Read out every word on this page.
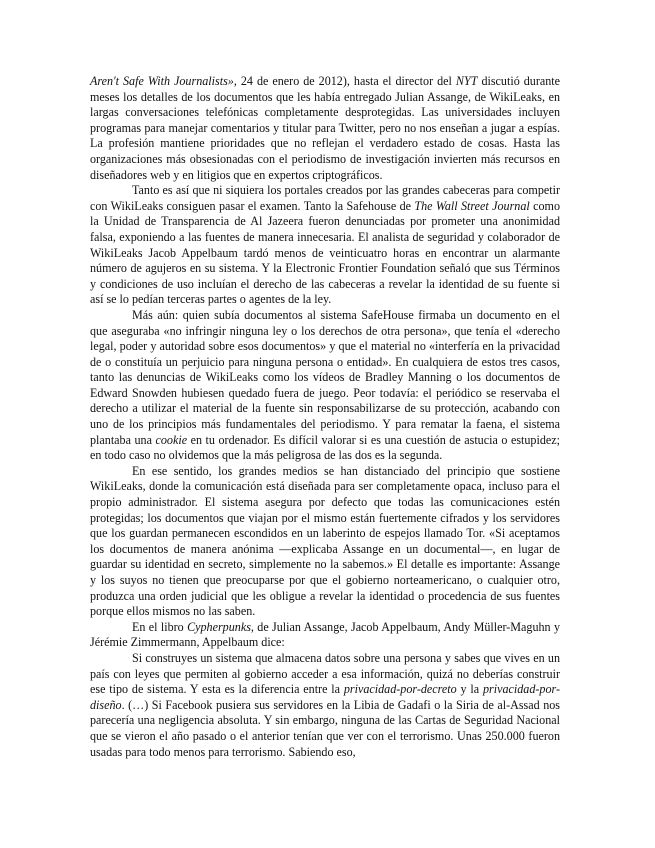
Aren't Safe With Journalists», 24 de enero de 2012), hasta el director del NYT discutió durante meses los detalles de los documentos que les había entregado Julian Assange, de WikiLeaks, en largas conversaciones telefónicas completamente desprotegidas. Las universidades incluyen programas para manejar comentarios y titular para Twitter, pero no nos enseñan a jugar a espías. La profesión mantiene prioridades que no reflejan el verdadero estado de cosas. Hasta las organizaciones más obsesionadas con el periodismo de investigación invierten más recursos en diseñadores web y en litigios que en expertos criptográficos.

Tanto es así que ni siquiera los portales creados por las grandes cabeceras para competir con WikiLeaks consiguen pasar el examen. Tanto la Safehouse de The Wall Street Journal como la Unidad de Transparencia de Al Jazeera fueron denunciadas por prometer una anonimidad falsa, exponiendo a las fuentes de manera innecesaria. El analista de seguridad y colaborador de WikiLeaks Jacob Appelbaum tardó menos de veinticuatro horas en encontrar un alarmante número de agujeros en su sistema. Y la Electronic Frontier Foundation señaló que sus Términos y condiciones de uso incluían el derecho de las cabeceras a revelar la identidad de su fuente si así se lo pedían terceras partes o agentes de la ley.

Más aún: quien subía documentos al sistema SafeHouse firmaba un documento en el que aseguraba «no infringir ninguna ley o los derechos de otra persona», que tenía el «derecho legal, poder y autoridad sobre esos documentos» y que el material no «interfería en la privacidad de o constituía un perjuicio para ninguna persona o entidad». En cualquiera de estos tres casos, tanto las denuncias de WikiLeaks como los vídeos de Bradley Manning o los documentos de Edward Snowden hubiesen quedado fuera de juego. Peor todavía: el periódico se reservaba el derecho a utilizar el material de la fuente sin responsabilizarse de su protección, acabando con uno de los principios más fundamentales del periodismo. Y para rematar la faena, el sistema plantaba una cookie en tu ordenador. Es difícil valorar si es una cuestión de astucia o estupidez; en todo caso no olvidemos que la más peligrosa de las dos es la segunda.

En ese sentido, los grandes medios se han distanciado del principio que sostiene WikiLeaks, donde la comunicación está diseñada para ser completamente opaca, incluso para el propio administrador. El sistema asegura por defecto que todas las comunicaciones estén protegidas; los documentos que viajan por el mismo están fuertemente cifrados y los servidores que los guardan permanecen escondidos en un laberinto de espejos llamado Tor. «Si aceptamos los documentos de manera anónima —explicaba Assange en un documental—, en lugar de guardar su identidad en secreto, simplemente no la sabemos.» El detalle es importante: Assange y los suyos no tienen que preocuparse por que el gobierno norteamericano, o cualquier otro, produzca una orden judicial que les obligue a revelar la identidad o procedencia de sus fuentes porque ellos mismos no las saben.

En el libro Cypherpunks, de Julian Assange, Jacob Appelbaum, Andy Müller-Maguhn y Jérémie Zimmermann, Appelbaum dice:

Si construyes un sistema que almacena datos sobre una persona y sabes que vives en un país con leyes que permiten al gobierno acceder a esa información, quizá no deberías construir ese tipo de sistema. Y esta es la diferencia entre la privacidad-por-decreto y la privacidad-por-diseño. (…) Si Facebook pusiera sus servidores en la Libia de Gadafi o la Siria de al-Assad nos parecería una negligencia absoluta. Y sin embargo, ninguna de las Cartas de Seguridad Nacional que se vieron el año pasado o el anterior tenían que ver con el terrorismo. Unas 250.000 fueron usadas para todo menos para terrorismo. Sabiendo eso,
